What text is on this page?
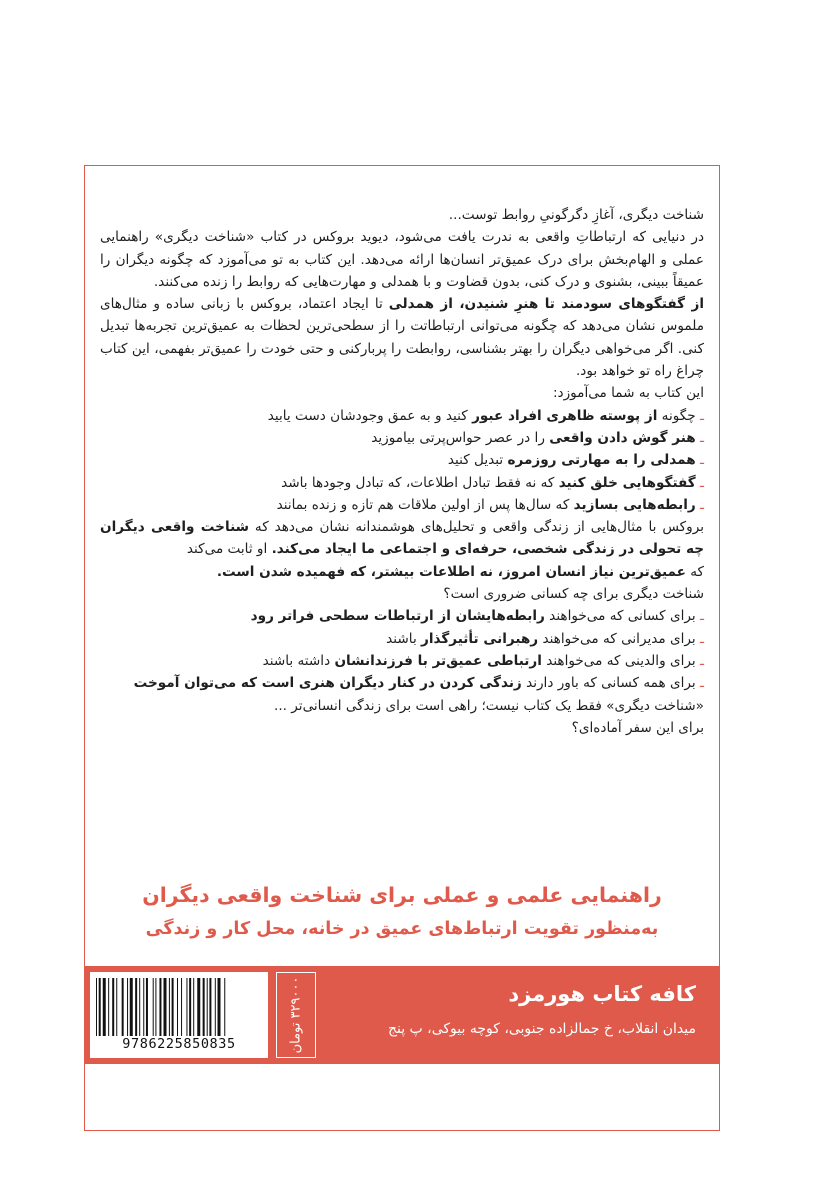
شناخت دیگری، آغازِ دگرگونیِ روابط توست...

در دنیایی که ارتباطاتِ واقعی به ندرت یافت می‌شود، دیوید بروکس در کتاب «شناخت دیگری» راهنمایی عملی و الهام‌بخش برای درک عمیق‌تر انسان‌ها ارائه می‌دهد. این کتاب به تو می‌آموزد که چگونه دیگران را عمیقاً ببینی، بشنوی و درک کنی، بدون قضاوت و با همدلی و مهارت‌هایی که روابط را زنده می‌کنند.

از گفتگوهای سودمند تا هنرِ شنیدن، از همدلی تا ایجاد اعتماد، بروکس با زبانی ساده و مثال‌های ملموس نشان می‌دهد که چگونه می‌توانی ارتباطاتت را از سطحی‌ترین لحظات به عمیق‌ترین تجربه‌ها تبدیل کنی. اگر می‌خواهی دیگران را بهتر بشناسی، روابطت را پربارکنی و حتی خودت را عمیق‌تر بفهمی، این کتاب چراغ راه تو خواهد بود.

این کتاب به شما می‌آموزد:

ـ چگونه از پوسته ظاهری افراد عبور کنید و به عمق وجودشان دست یابید

ـ هنر گوش دادن واقعی را در عصر حواس‌پرتی بیاموزید

ـ همدلی را به مهارتی روزمره تبدیل کنید

ـ گفتگوهایی خلق کنید که نه فقط تبادل اطلاعات، که تبادل وجودها باشد

ـ رابطه‌هایی بسازید که سال‌ها پس از اولین ملاقات هم تازه و زنده بمانند

بروکس با مثال‌هایی از زندگی واقعی و تحلیل‌های هوشمندانه نشان می‌دهد که شناخت واقعی دیگران چه تحولی در زندگی شخصی، حرفه‌ای و اجتماعی ما ایجاد می‌کند. او ثابت می‌کند

که عمیق‌ترین نیاز انسان امروز، نه اطلاعات بیشتر، که فهمیده شدن است.

شناخت دیگری برای چه کسانی ضروری است؟

ـ برای کسانی که می‌خواهند رابطه‌هایشان از ارتباطات سطحی فراتر رود

ـ برای مدیرانی که می‌خواهند رهبرانی تأثیرگذار باشند

ـ برای والدینی که می‌خواهند ارتباطی عمیق‌تر با فرزندانشان داشته باشند

ـ برای همه کسانی که باور دارند زندگی کردن در کنار دیگران هنری است که می‌توان آموخت

«شناخت دیگری» فقط یک کتاب نیست؛ راهی است برای زندگی انسانی‌تر ...

برای این سفر آماده‌ای؟

راهنمایی علمی و عملی برای شناخت واقعی دیگران
به‌منظور تقویت ارتباط‌های عمیق در خانه، محل کار و زندگی
کافه کتاب هورمزد
میدان انقلاب، خ جمالزاده جنوبی، کوچه بیوکی، پ پنج
۳۲۹۰۰۰ تومان
9786225850835
